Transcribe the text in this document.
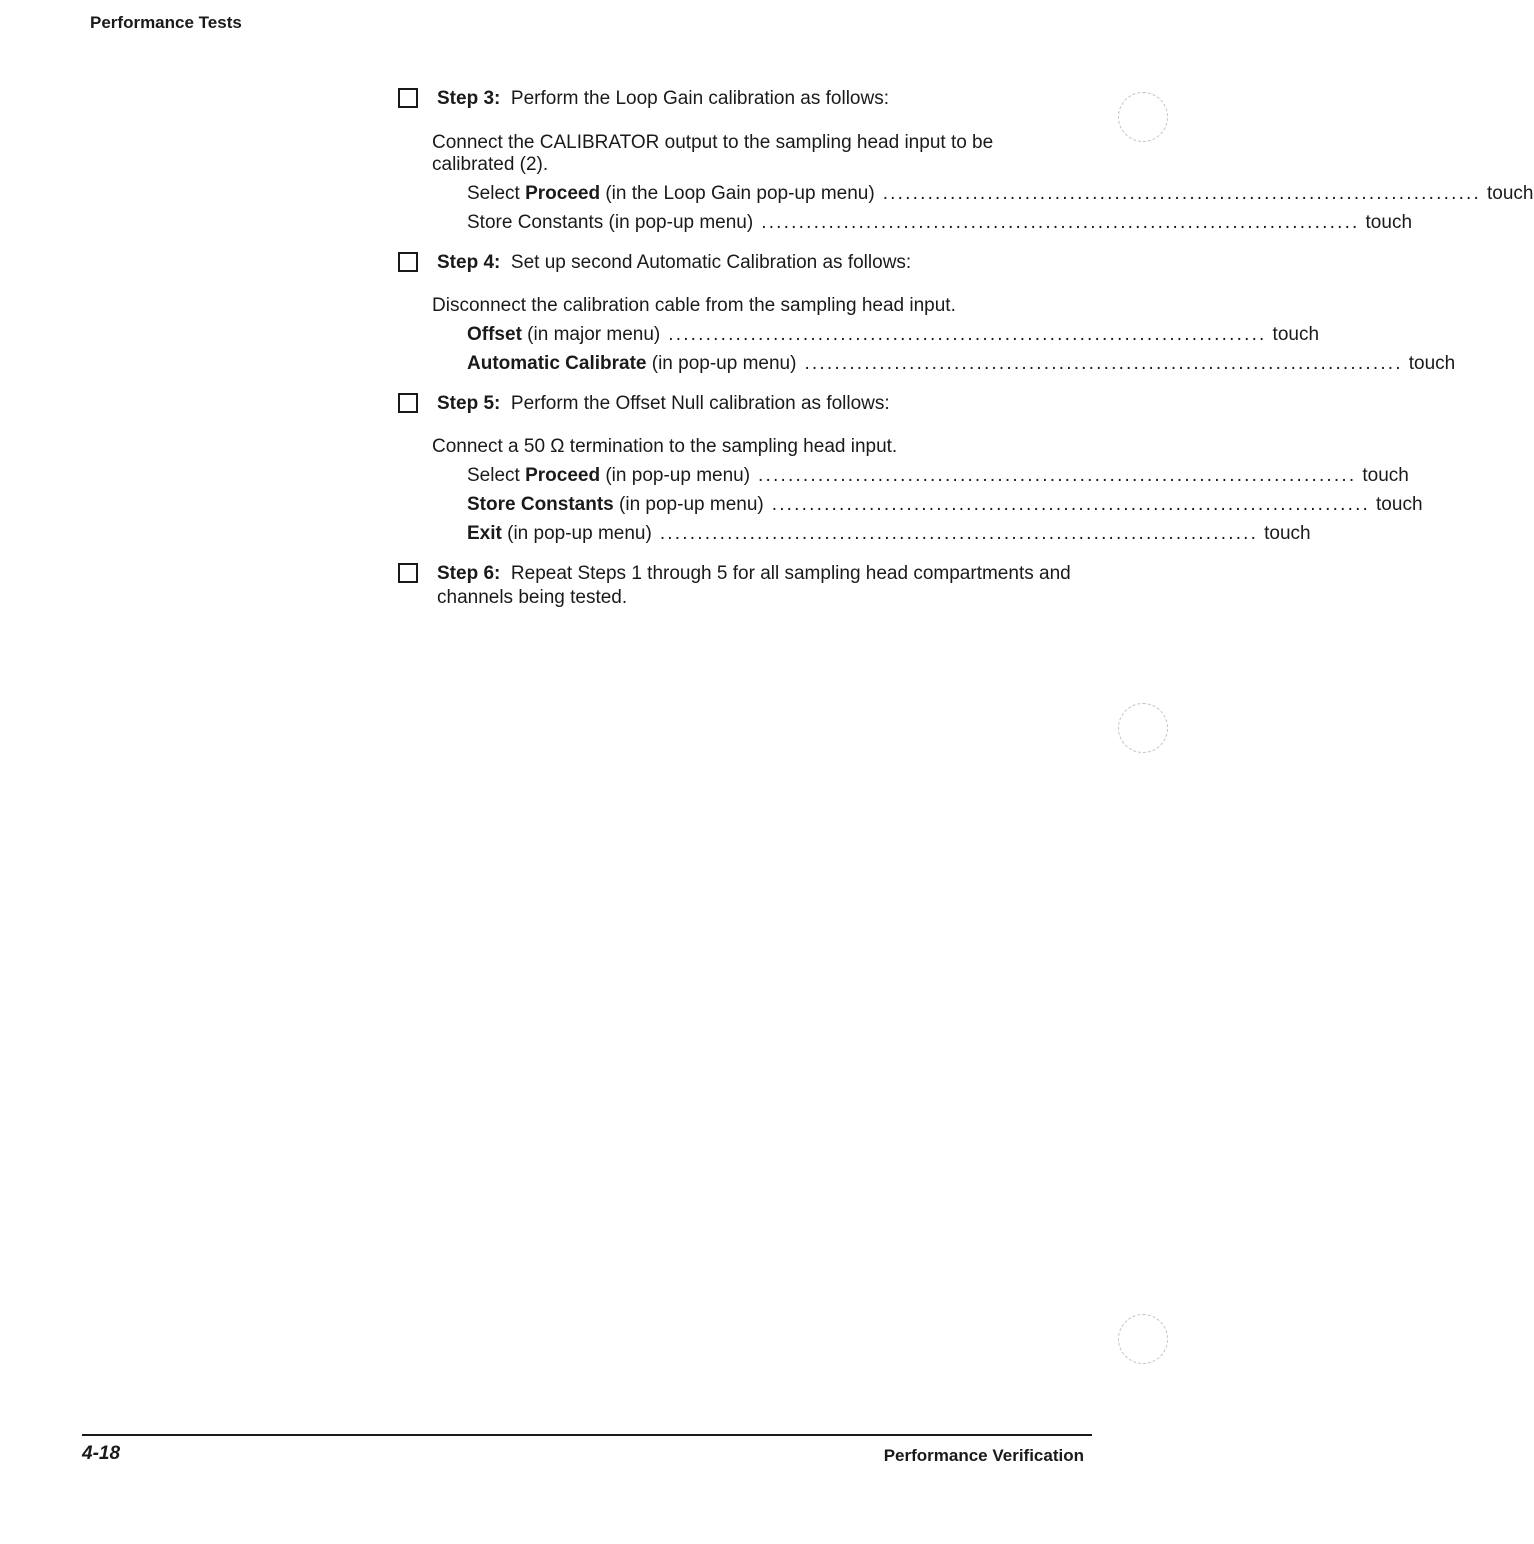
Performance Tests
Step 3: Perform the Loop Gain calibration as follows:
Connect the CALIBRATOR output to the sampling head input to be calibrated (2).
Select Proceed (in the Loop Gain pop-up menu) ................................................................................ touch
Store Constants (in pop-up menu) ................................................................................ touch
Step 4: Set up second Automatic Calibration as follows:
Disconnect the calibration cable from the sampling head input.
Offset (in major menu) ................................................................................ touch
Automatic Calibrate (in pop-up menu) ................................................................................ touch
Step 5: Perform the Offset Null calibration as follows:
Connect a 50 Ω termination to the sampling head input.
Select Proceed (in pop-up menu) ................................................................................ touch
Store Constants (in pop-up menu) ................................................................................ touch
Exit (in pop-up menu) ................................................................................ touch
Step 6: Repeat Steps 1 through 5 for all sampling head compartments and channels being tested.
4-18	Performance Verification
